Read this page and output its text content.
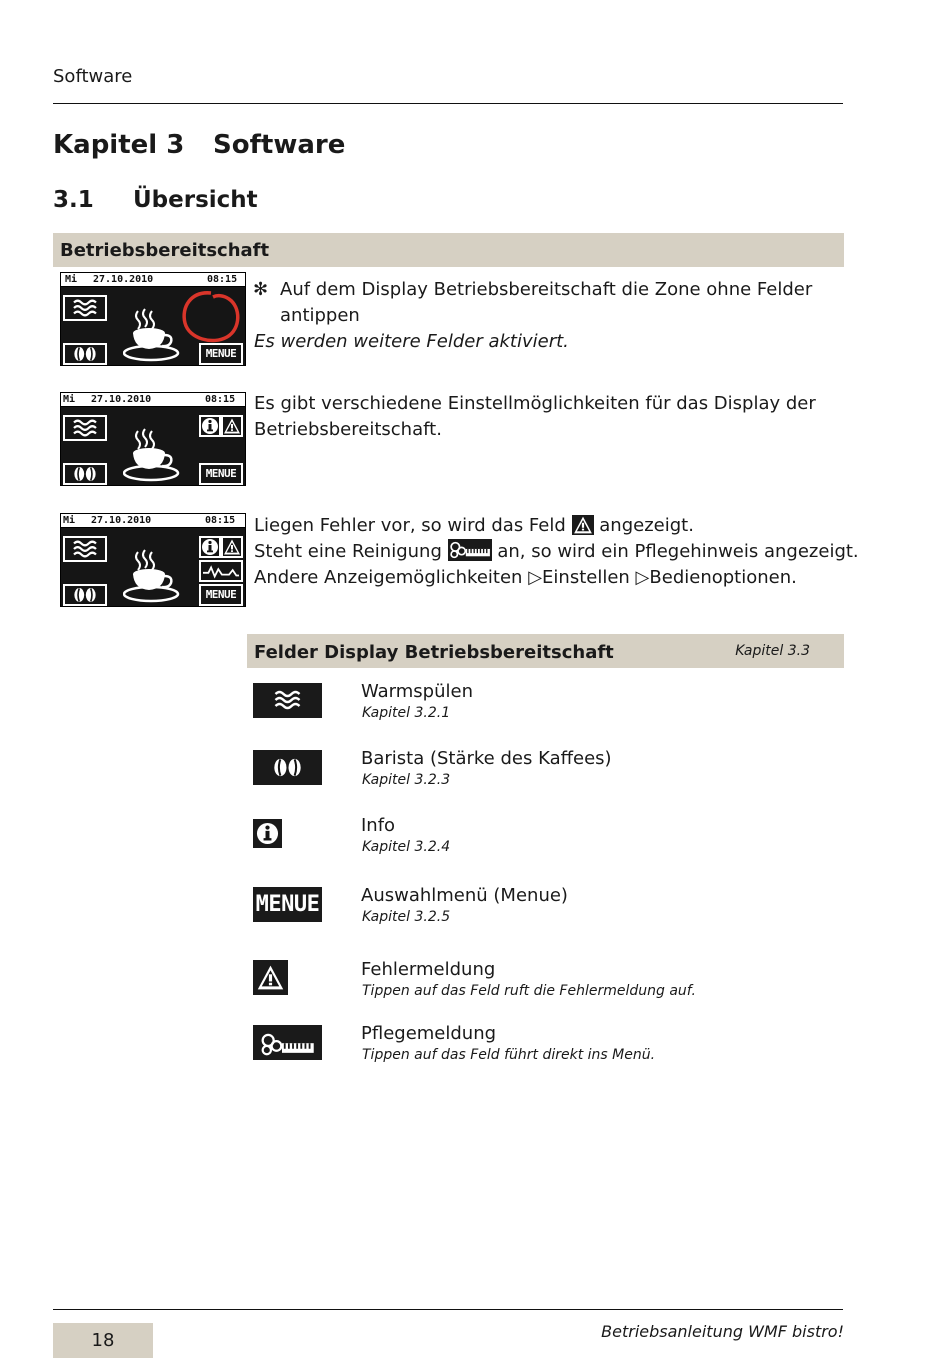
Software
Kapitel 3 Software
3.1 Übersicht
Betriebsbereitschaft
Mi 27.10.2010	08:15
MENUE
✻ Auf dem Display Betriebsbereitschaft die Zone ohne Felder
antippen
Es werden weitere Felder aktiviert.
Mi 27.10.2010	08:15
MENUE
Es gibt verschiedene Einstellmöglichkeiten für das Display der
Betriebsbereitschaft.
Mi 27.10.2010	08:15
MENUE
Liegen Fehler vor, so wird das Feld angezeigt.
Steht eine Reinigung	an, so wird ein Pflegehinweis angezeigt.
Andere Anzeigemöglichkeiten ▷Einstellen ▷Bedienoptionen.
Felder Display Betriebsbereitschaft	Kapitel 3.3
Warmspülen
Kapitel 3.2.1
Barista (Stärke des Kaffees)
Kapitel 3.2.3
Info
Kapitel 3.2.4
MENUE Auswahlmenü (Menue)
Kapitel 3.2.5
Fehlermeldung
Tippen auf das Feld ruft die Fehlermeldung auf.
Pflegemeldung
Tippen auf das Feld führt direkt ins Menü.
18	Betriebsanleitung WMF bistro!
